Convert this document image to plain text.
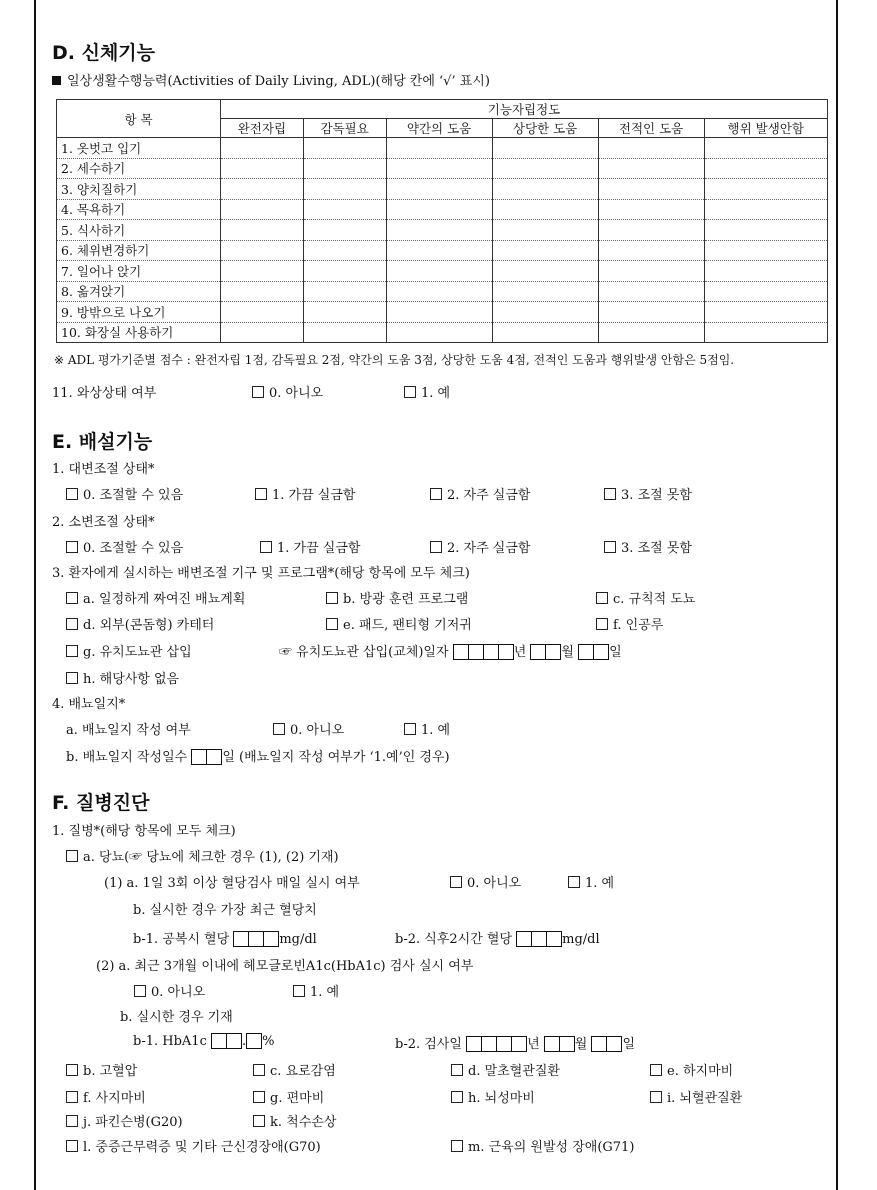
D. 신체기능
일상생활수행능력(Activities of Daily Living, ADL)(해당 칸에 ‘√’ 표시)
항 목	기능자립정도					
	완전자립	감독필요	약간의 도움	상당한 도움	전적인 도움	행위 발생안함
1. 옷벗고 입기						
2. 세수하기						
3. 양치질하기						
4. 목욕하기						
5. 식사하기						
6. 체위변경하기						
7. 일어나 앉기						
8. 옮겨앉기						
9. 방밖으로 나오기						
10. 화장실 사용하기						
※ ADL 평가기준별 점수 : 완전자립 1점, 감독필요 2점, 약간의 도움 3점, 상당한 도움 4점, 전적인 도움과 행위발생 안함은 5점임.
11. 와상상태 여부	0. 아니오	1. 예
E. 배설기능
1. 대변조절 상태*
0. 조절할 수 있음	1. 가끔 실금함	2. 자주 실금함	3. 조절 못함
2. 소변조절 상태*
0. 조절할 수 있음	1. 가끔 실금함	2. 자주 실금함	3. 조절 못함
3. 환자에게 실시하는 배변조절 기구 및 프로그램*(해당 항목에 모두 체크)
a. 일정하게 짜여진 배뇨계획	b. 방광 훈련 프로그램	c. 규칙적 도뇨
d. 외부(콘돔형) 카테터	e. 패드, 팬티형 기저귀	f. 인공루
g. 유치도뇨관 삽입	☞ 유치도뇨관 삽입(교체)일자	년	월	일
h. 해당사항 없음
4. 배뇨일지*
a. 배뇨일지 작성 여부	0. 아니오	1. 예
b. 배뇨일지 작성일수	일 (배뇨일지 작성 여부가 ‘1.예’인 경우)
F. 질병진단
1. 질병*(해당 항목에 모두 체크)
a. 당뇨(☞ 당뇨에 체크한 경우 (1), (2) 기재)
(1) a. 1일 3회 이상 혈당검사 매일 실시 여부	0. 아니오	1. 예
b. 실시한 경우 가장 최근 혈당치
b-1. 공복시 혈당	mg/dl	b-2. 식후2시간 혈당	mg/dl
(2) a. 최근 3개월 이내에 헤모글로빈A1c(HbA1c) 검사 실시 여부
0. 아니오	1. 예
b. 실시한 경우 기재
b-1. HbA1c	. %	b-2. 검사일	년	월	일
b. 고혈압	c. 요로감염	d. 말초혈관질환	e. 하지마비
f. 사지마비	g. 편마비	h. 뇌성마비	i. 뇌혈관질환
j. 파킨슨병(G20)	k. 척수손상
l. 중증근무력증 및 기타 근신경장애(G70)	m. 근육의 원발성 장애(G71)
